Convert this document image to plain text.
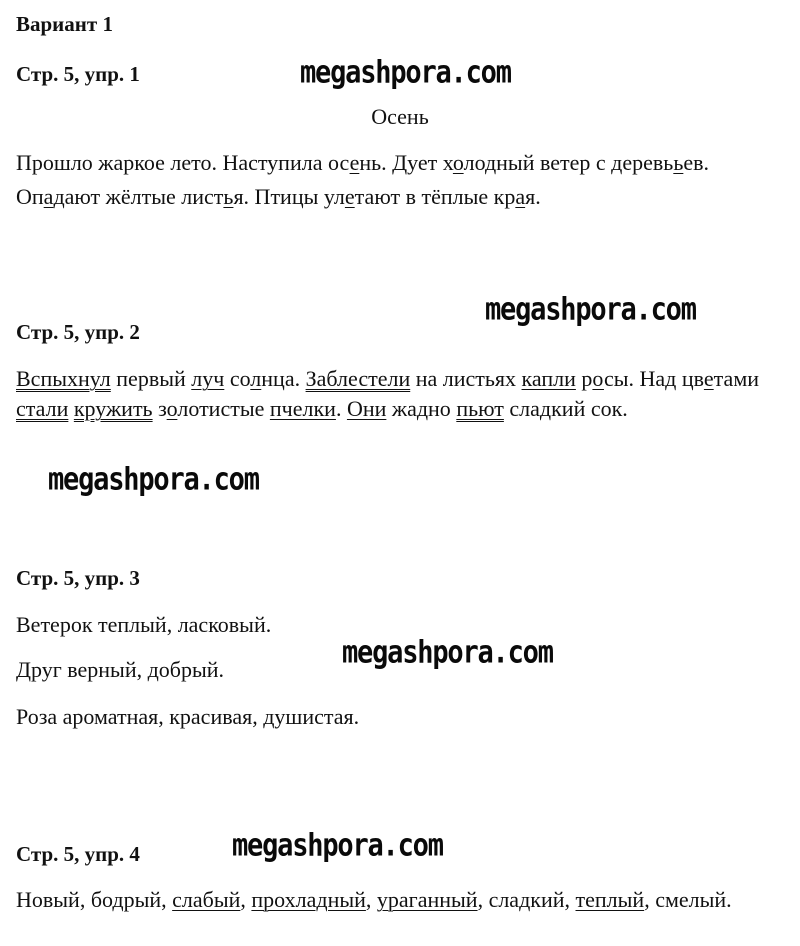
Вариант 1
Стр. 5, упр. 1	megashpora.com
Осень
Прошло жаркое лето. Наступила осень. Дует холодный ветер с деревььев. Опадают жёлтые листья. Птицы улетают в тёплые края.
megashpora.com
Стр. 5, упр. 2
Вспыхнул первый луч солнца. Заблестели на листьях капли росы. Над цветами стали кружить золотистые пчелки. Они жадно пьют сладкий сок.
megashpora.com
Стр. 5, упр. 3
Ветерок теплый, ласковый.
megashpora.com
Друг верный, добрый.
Роза ароматная, красивая, душистая.
megashpora.com
Стр. 5, упр. 4
Новый, бодрый, слабый, прохладный, ураганный, сладкий, теплый, смелый.
